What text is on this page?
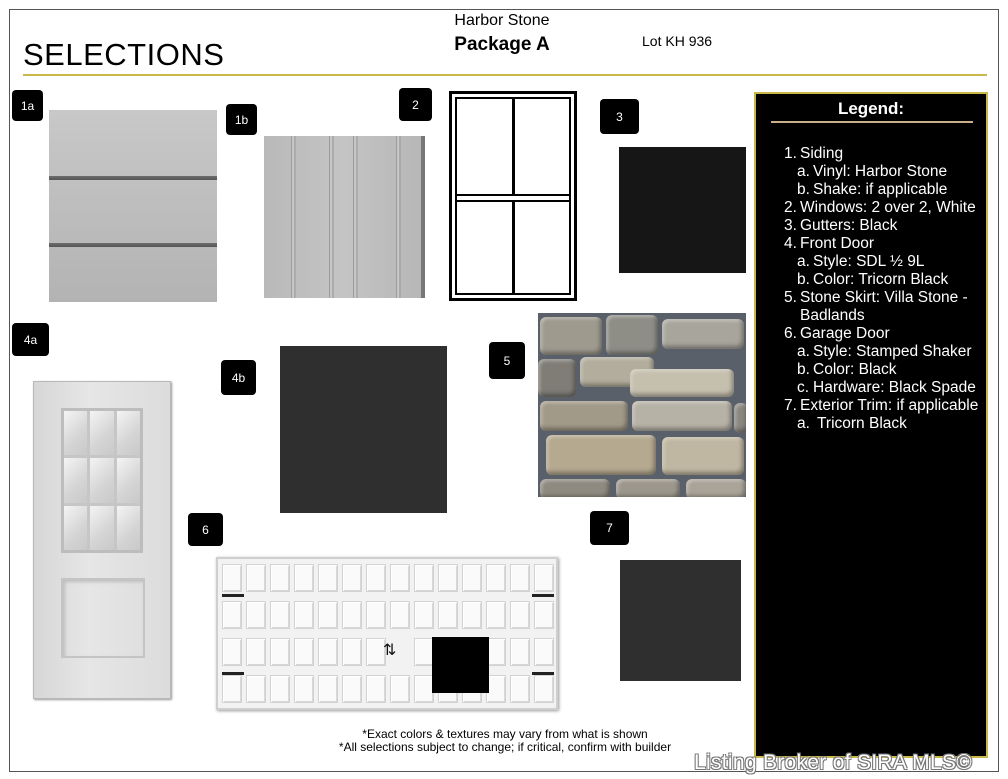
SELECTIONS
Harbor Stone
Package A	Lot KH 936
1a
1b
2
3
4a
4b
5
6
⇅
7
Legend:
1. Siding
a. Vinyl: Harbor Stone
b. Shake: if applicable
2. Windows: 2 over 2, White
3. Gutters: Black
4. Front Door
a. Style: SDL ½ 9L
b. Color: Tricorn Black
5. Stone Skirt: Villa Stone - Badlands
6. Garage Door
a. Style: Stamped Shaker
b. Color: Black
c. Hardware: Black Spade
7. Exterior Trim: if applicable
a. Tricorn Black
*Exact colors & textures may vary from what is shown
*All selections subject to change; if critical, confirm with builder
Listing Broker of SIRA MLS©
